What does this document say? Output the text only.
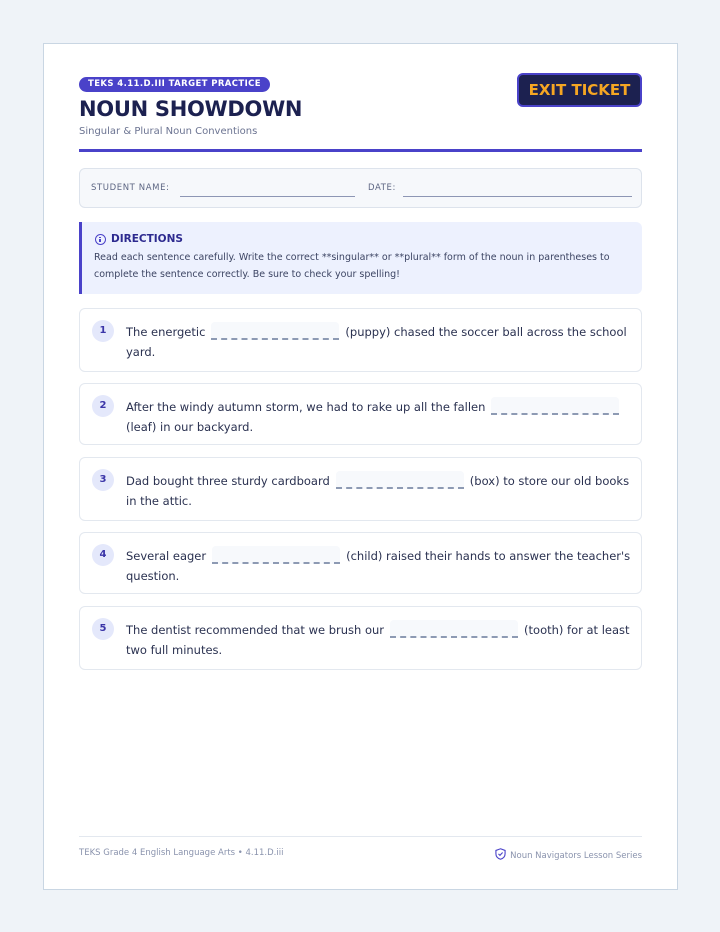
TEKS 4.11.D.III TARGET PRACTICE
NOUN SHOWDOWN
Singular & Plural Noun Conventions
EXIT TICKET
STUDENT NAME:	DATE:
DIRECTIONS
Read each sentence carefully. Write the correct **singular** or **plural** form of the noun in parentheses to complete the sentence correctly. Be sure to check your spelling!
1	The energetic	(puppy) chased the soccer ball across the school yard.
2	After the windy autumn storm, we had to rake up all the fallen(leaf) in our backyard.
3	Dad bought three sturdy cardboard	(box) to store our old books in the attic.
4	Several eager	(child) raised their hands to answer the teacher's question.
5	The dentist recommended that we brush our	(tooth) for at least two full minutes.
TEKS Grade 4 English Language Arts • 4.11.D.iii	Noun Navigators Lesson Series
